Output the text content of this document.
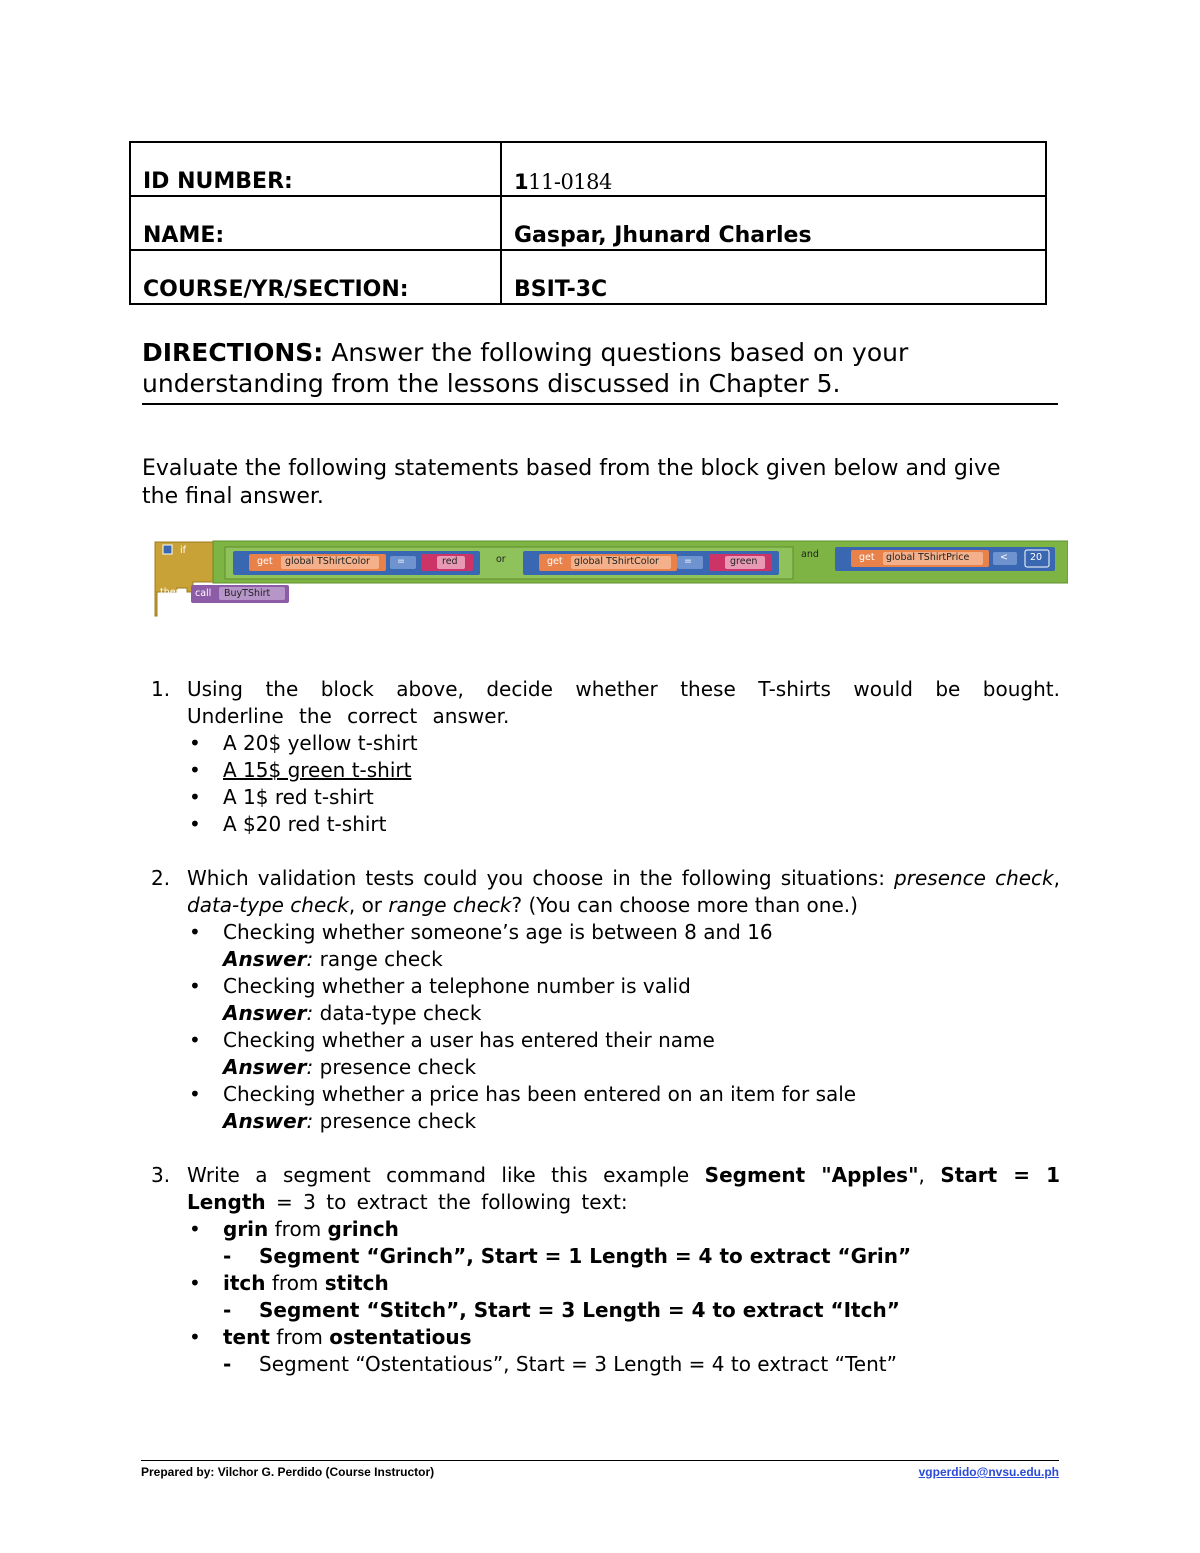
ID NUMBER:	111-0184

NAME:	Gaspar, Jhunard Charles

COURSE/YR/SECTION:	BSIT-3C
DIRECTIONS: Answer the following questions based on your understanding from the lessons discussed in Chapter 5.
Evaluate the following statements based from the block given below and give the final answer.
if
then
get global TShirtColor	=	red	or	get global TShirtColor	=	green
and	get global TShirtPrice	< 20
call BuyTShirt
1. Using the block above, decide whether these T-shirts would be bought. Underline the correct answer.

• A 20$ yellow t-shirt
• A 15$ green t-shirt
• A 1$ red t-shirt
• A $20 red t-shirt
2. Which validation tests could you choose in the following situations: presence check, data-type check, or range check? (You can choose more than one.)

• Checking whether someone’s age is between 8 and 16
Answer: range check
• Checking whether a telephone number is valid
Answer: data-type check
• Checking whether a user has entered their name
Answer: presence check
• Checking whether a price has been entered on an item for sale
Answer: presence check
3. Write a segment command like this example Segment "Apples", Start = 1 Length = 3 to extract the following text:

• grin from grinch
- Segment “Grinch”, Start = 1 Length = 4 to extract “Grin”
• itch from stitch
- Segment “Stitch”, Start = 3 Length = 4 to extract “Itch”
• tent from ostentatious
- Segment “Ostentatious”, Start = 3 Length = 4 to extract “Tent”
Prepared by: Vilchor G. Perdido (Course Instructor)	vgperdido@nvsu.edu.ph
